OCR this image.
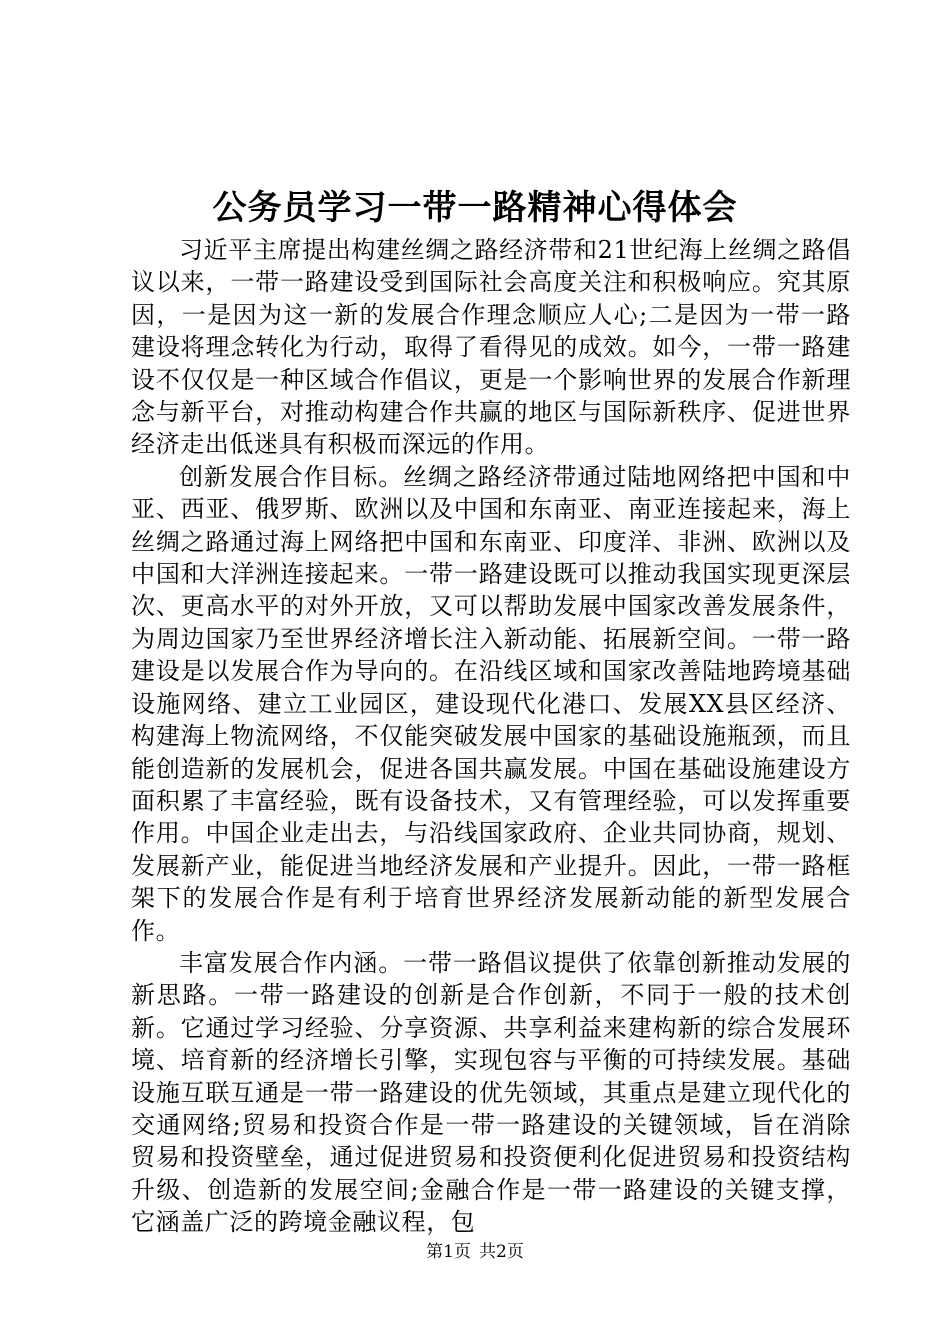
公务员学习一带一路精神心得体会

习近平主席提出构建丝绸之路经济带和21世纪海上丝绸之路倡议以来，一带一路建设受到国际社会高度关注和积极响应。究其原因，一是因为这一新的发展合作理念顺应人心;二是因为一带一路建设将理念转化为行动，取得了看得见的成效。如今，一带一路建设不仅仅是一种区域合作倡议，更是一个影响世界的发展合作新理念与新平台，对推动构建合作共赢的地区与国际新秩序、促进世界经济走出低迷具有积极而深远的作用。

创新发展合作目标。丝绸之路经济带通过陆地网络把中国和中亚、西亚、俄罗斯、欧洲以及中国和东南亚、南亚连接起来，海上丝绸之路通过海上网络把中国和东南亚、印度洋、非洲、欧洲以及中国和大洋洲连接起来。一带一路建设既可以推动我国实现更深层次、更高水平的对外开放，又可以帮助发展中国家改善发展条件，为周边国家乃至世界经济增长注入新动能、拓展新空间。一带一路建设是以发展合作为导向的。在沿线区域和国家改善陆地跨境基础设施网络、建立工业园区，建设现代化港口、发展XX县区经济、构建海上物流网络，不仅能突破发展中国家的基础设施瓶颈，而且能创造新的发展机会，促进各国共赢发展。中国在基础设施建设方面积累了丰富经验，既有设备技术，又有管理经验，可以发挥重要作用。中国企业走出去，与沿线国家政府、企业共同协商，规划、发展新产业，能促进当地经济发展和产业提升。因此，一带一路框架下的发展合作是有利于培育世界经济发展新动能的新型发展合作。

丰富发展合作内涵。一带一路倡议提供了依靠创新推动发展的新思路。一带一路建设的创新是合作创新，不同于一般的技术创新。它通过学习经验、分享资源、共享利益来建构新的综合发展环境、培育新的经济增长引擎，实现包容与平衡的可持续发展。基础设施互联互通是一带一路建设的优先领域，其重点是建立现代化的交通网络;贸易和投资合作是一带一路建设的关键领域，旨在消除贸易和投资壁垒，通过促进贸易和投资便利化促进贸易和投资结构升级、创造新的发展空间;金融合作是一带一路建设的关键支撑，它涵盖广泛的跨境金融议程，包

第1页 共2页
